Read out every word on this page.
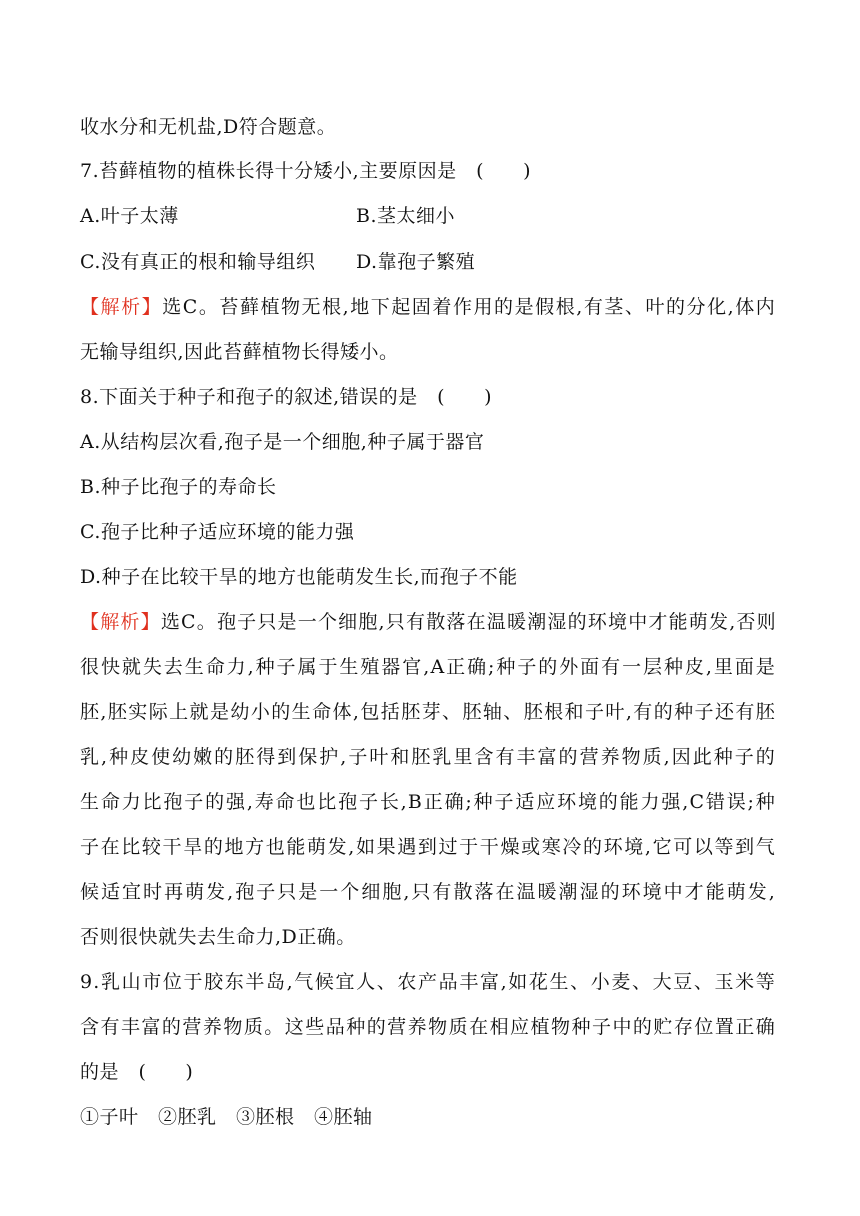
收水分和无机盐,D符合题意。
7.苔藓植物的植株长得十分矮小,主要原因是　(　　)
A.叶子太薄	B.茎太细小
C.没有真正的根和输导组织	D.靠孢子繁殖
【解析】选C。苔藓植物无根,地下起固着作用的是假根,有茎、叶的分化,体内
无输导组织,因此苔藓植物长得矮小。
8.下面关于种子和孢子的叙述,错误的是　(　　)
A.从结构层次看,孢子是一个细胞,种子属于器官
B.种子比孢子的寿命长
C.孢子比种子适应环境的能力强
D.种子在比较干旱的地方也能萌发生长,而孢子不能
【解析】选C。孢子只是一个细胞,只有散落在温暖潮湿的环境中才能萌发,否则
很快就失去生命力,种子属于生殖器官,A正确;种子的外面有一层种皮,里面是
胚,胚实际上就是幼小的生命体,包括胚芽、胚轴、胚根和子叶,有的种子还有胚
乳,种皮使幼嫩的胚得到保护,子叶和胚乳里含有丰富的营养物质,因此种子的
生命力比孢子的强,寿命也比孢子长,B正确;种子适应环境的能力强,C错误;种
子在比较干旱的地方也能萌发,如果遇到过于干燥或寒冷的环境,它可以等到气
候适宜时再萌发,孢子只是一个细胞,只有散落在温暖潮湿的环境中才能萌发,
否则很快就失去生命力,D正确。
9.乳山市位于胶东半岛,气候宜人、农产品丰富,如花生、小麦、大豆、玉米等
含有丰富的营养物质。这些品种的营养物质在相应植物种子中的贮存位置正确
的是　(　　)
①子叶　②胚乳　③胚根　④胚轴
